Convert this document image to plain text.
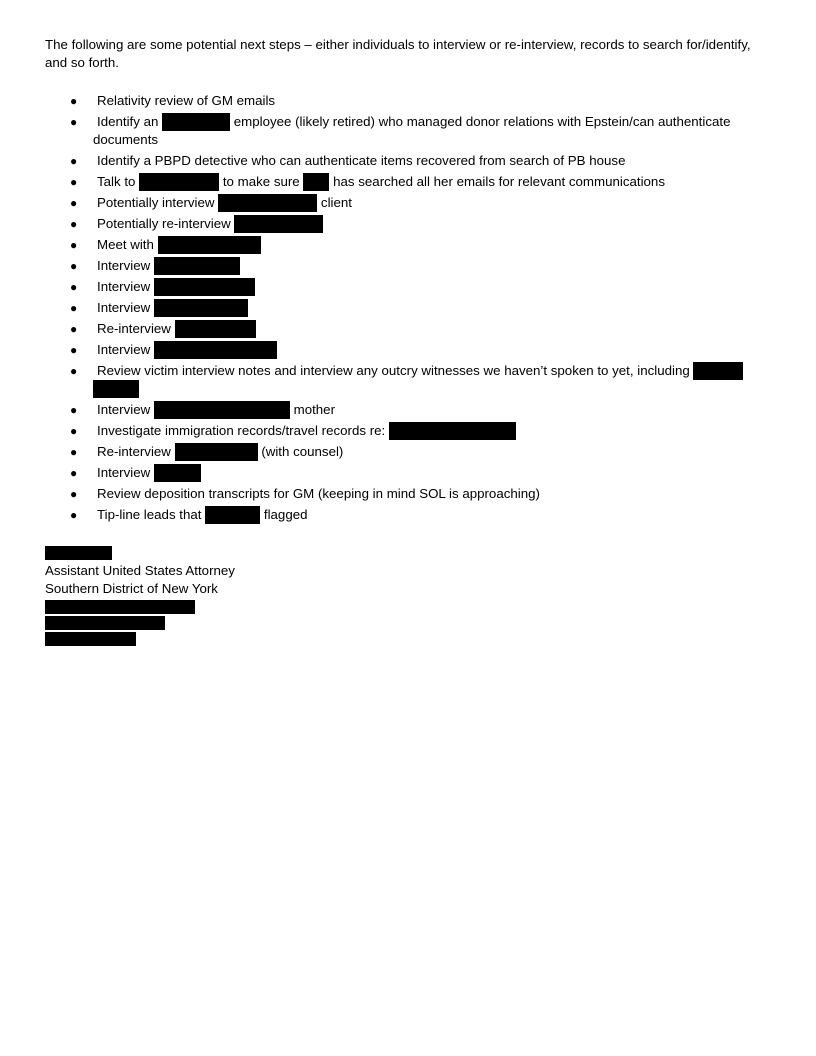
The following are some potential next steps – either individuals to interview or re-interview, records to search for/identify, and so forth.

● Relativity review of GM emails
● Identify an	employee (likely retired) who managed donor relations with Epstein/can authenticate
documents
● Identify a PBPD detective who can authenticate items recovered from search of PB house
● Talk to	to make sure	has searched all her emails for relevant communications
● Potentially interview	client
● Potentially re-interview
● Meet with
● Interview
● Interview
● Interview
● Re-interview
● Interview
● Review victim interview notes and interview any outcry witnesses we haven’t spoken to yet, including
● Interview	mother
● Investigate immigration records/travel records re:
● Re-interview	(with counsel)
● Interview
● Review deposition transcripts for GM (keeping in mind SOL is approaching)
● Tip-line leads that	flagged

Assistant United States Attorney

Southern District of New York
